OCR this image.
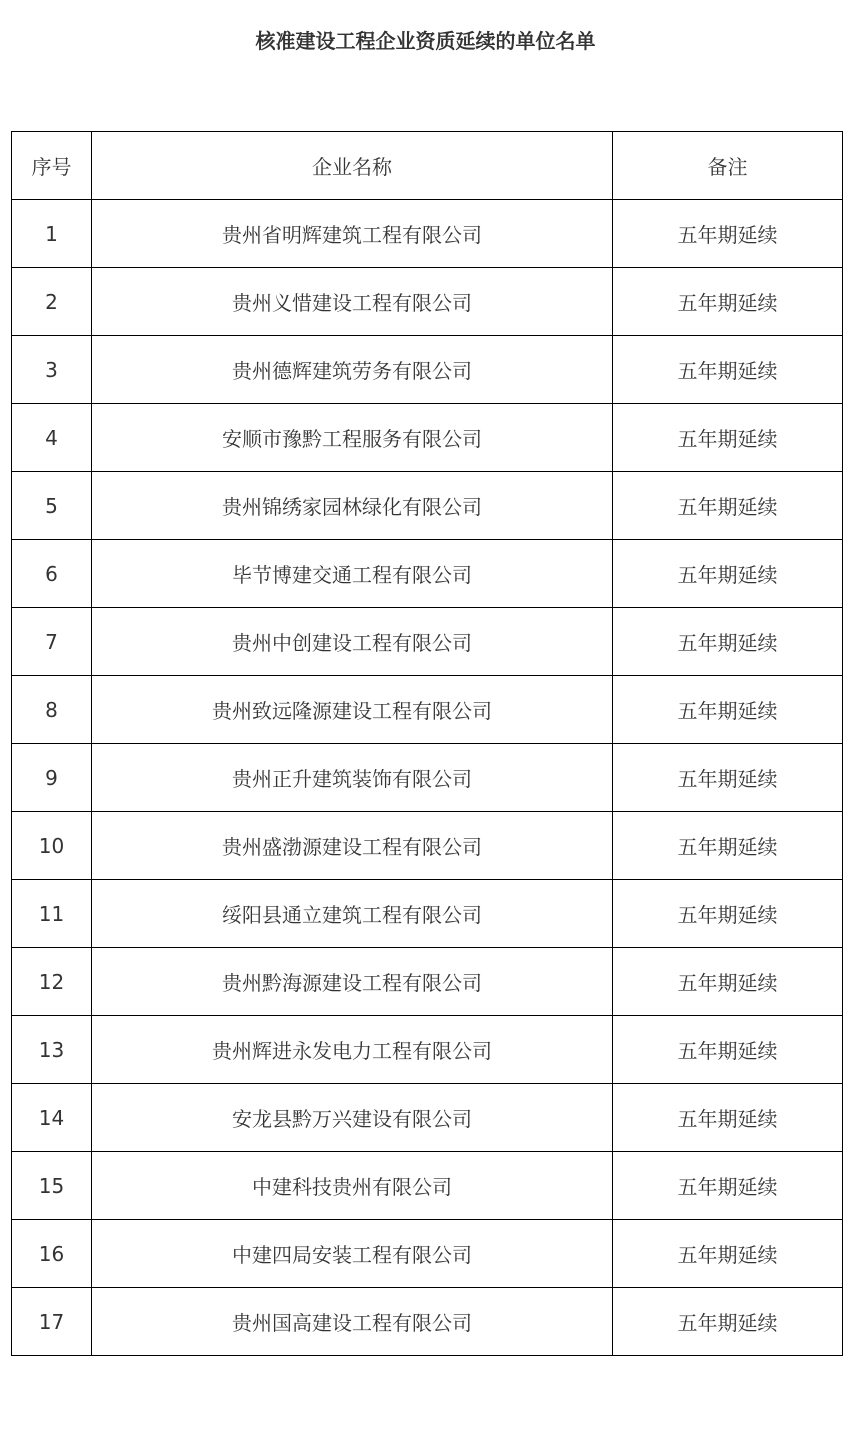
核准建设工程企业资质延续的单位名单
序号	企业名称	备注
1	贵州省明辉建筑工程有限公司	五年期延续
2	贵州义惜建设工程有限公司	五年期延续
3	贵州德辉建筑劳务有限公司	五年期延续
4	安顺市豫黔工程服务有限公司	五年期延续
5	贵州锦绣家园林绿化有限公司	五年期延续
6	毕节博建交通工程有限公司	五年期延续
7	贵州中创建设工程有限公司	五年期延续
8	贵州致远隆源建设工程有限公司	五年期延续
9	贵州正升建筑装饰有限公司	五年期延续
10	贵州盛渤源建设工程有限公司	五年期延续
11	绥阳县通立建筑工程有限公司	五年期延续
12	贵州黔海源建设工程有限公司	五年期延续
13	贵州辉进永发电力工程有限公司	五年期延续
14	安龙县黔万兴建设有限公司	五年期延续
15	中建科技贵州有限公司	五年期延续
16	中建四局安装工程有限公司	五年期延续
17	贵州国高建设工程有限公司	五年期延续
